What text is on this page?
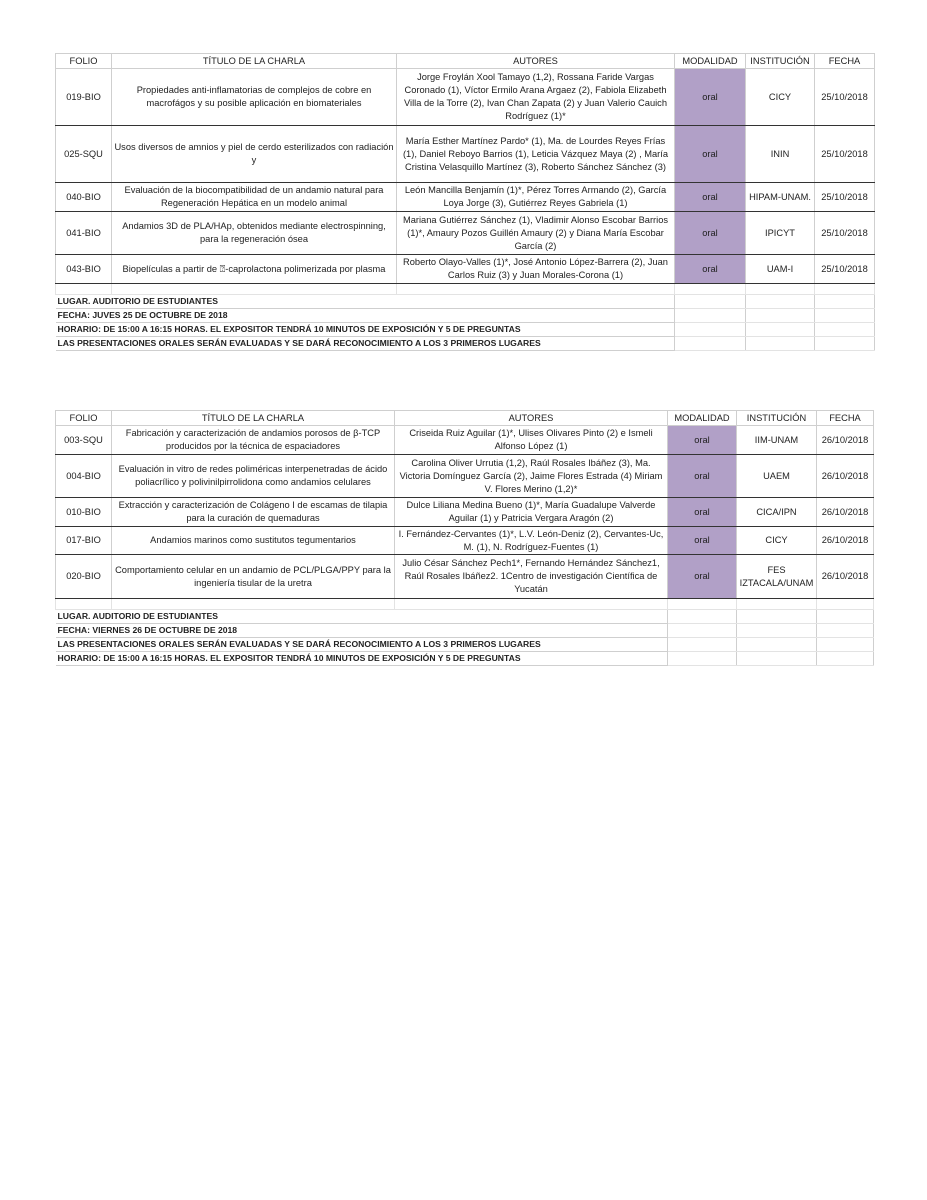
FOLIO	TÍTULO DE LA CHARLA	AUTORES	MODALIDAD	INSTITUCIÓN	FECHA
019-BIO	Propiedades anti-inflamatorias de complejos de cobre en macrofágos y su posible aplicación en biomateriales	Jorge Froylán Xool Tamayo (1,2), Rossana Faride Vargas Coronado (1), Víctor Ermilo Arana Argaez (2), Fabiola Elizabeth Villa de la Torre (2), Ivan Chan Zapata (2) y Juan Valerio Cauich Rodríguez (1)*	oral	CICY	25/10/2018
025-SQU	Usos diversos de amnios y piel de cerdo esterilizados con radiación y	María Esther Martínez Pardo* (1), Ma. de Lourdes Reyes Frías (1), Daniel Reboyo Barrios (1), Leticia Vázquez Maya (2) , María Cristina Velasquillo Martínez (3), Roberto Sánchez Sánchez (3)	oral	ININ	25/10/2018
040-BIO	Evaluación de la biocompatibilidad de un andamio natural para Regeneración Hepática en un modelo animal	León Mancilla Benjamín (1)*, Pérez Torres Armando (2), García Loya Jorge (3), Gutiérrez Reyes Gabriela (1)	oral	HIPAM-UNAM.	25/10/2018
041-BIO	Andamios 3D de PLA/HAp, obtenidos mediante electrospinning, para la regeneración ósea	Mariana Gutiérrez Sánchez (1), Vladimir Alonso Escobar Barrios (1)*, Amaury Pozos Guillén Amaury (2) y Diana María Escobar García (2)	oral	IPICYT	25/10/2018
043-BIO	Biopelículas a partir de ⍰-caprolactona polimerizada por plasma	Roberto Olayo-Valles (1)*, José Antonio López-Barrera (2), Juan Carlos Ruiz (3) y Juan Morales-Corona (1)	oral	UAM-I	25/10/2018

LUGAR. AUDITORIO DE ESTUDIANTES					
FECHA: JUVES 25 DE OCTUBRE DE 2018					
HORARIO: DE 15:00 A 16:15 HORAS. EL EXPOSITOR TENDRÁ 10 MINUTOS DE EXPOSICIÓN Y 5 DE PREGUNTAS					
LAS PRESENTACIONES ORALES SERÁN EVALUADAS Y SE DARÁ RECONOCIMIENTO A LOS 3 PRIMEROS LUGARES					
FOLIO	TÍTULO DE LA CHARLA	AUTORES	MODALIDAD	INSTITUCIÓN	FECHA
003-SQU	Fabricación y caracterización de andamios porosos de β-TCP producidos por la técnica de espaciadores	Criseida Ruiz Aguilar (1)*, Ulises Olivares Pinto (2) e Ismeli Alfonso López (1)	oral	IIM-UNAM	26/10/2018
004-BIO	Evaluación in vitro de redes poliméricas interpenetradas de ácido poliacrílico y polivinilpirrolidona como andamios celulares	Carolina Oliver Urrutia (1,2), Raúl Rosales Ibáñez (3), Ma. Victoria Domínguez García (2), Jaime Flores Estrada (4) Miriam V. Flores Merino (1,2)*	oral	UAEM	26/10/2018
010-BIO	Extracción y caracterización de Colágeno I de escamas de tilapia para la curación de quemaduras	Dulce Liliana Medina Bueno (1)*, María Guadalupe Valverde Aguilar (1) y Patricia Vergara Aragón (2)	oral	CICA/IPN	26/10/2018
017-BIO	Andamios marinos como sustitutos tegumentarios	I. Fernández-Cervantes (1)*, L.V. León-Deniz (2), Cervantes-Uc, M. (1), N. Rodríguez-Fuentes (1)	oral	CICY	26/10/2018
020-BIO	Comportamiento celular en un andamio de PCL/PLGA/PPY para la ingeniería tisular de la uretra	Julio César Sánchez Pech1*, Fernando Hernández Sánchez1, Raúl Rosales Ibáñez2. 1Centro de investigación Científica de Yucatán	oral	FES IZTACALA/UNAM	26/10/2018

LUGAR. AUDITORIO DE ESTUDIANTES					
FECHA: VIERNES 26 DE OCTUBRE DE 2018					
LAS PRESENTACIONES ORALES SERÁN EVALUADAS Y SE DARÁ RECONOCIMIENTO A LOS 3 PRIMEROS LUGARES					
HORARIO: DE 15:00 A 16:15 HORAS. EL EXPOSITOR TENDRÁ 10 MINUTOS DE EXPOSICIÓN Y 5 DE PREGUNTAS					
